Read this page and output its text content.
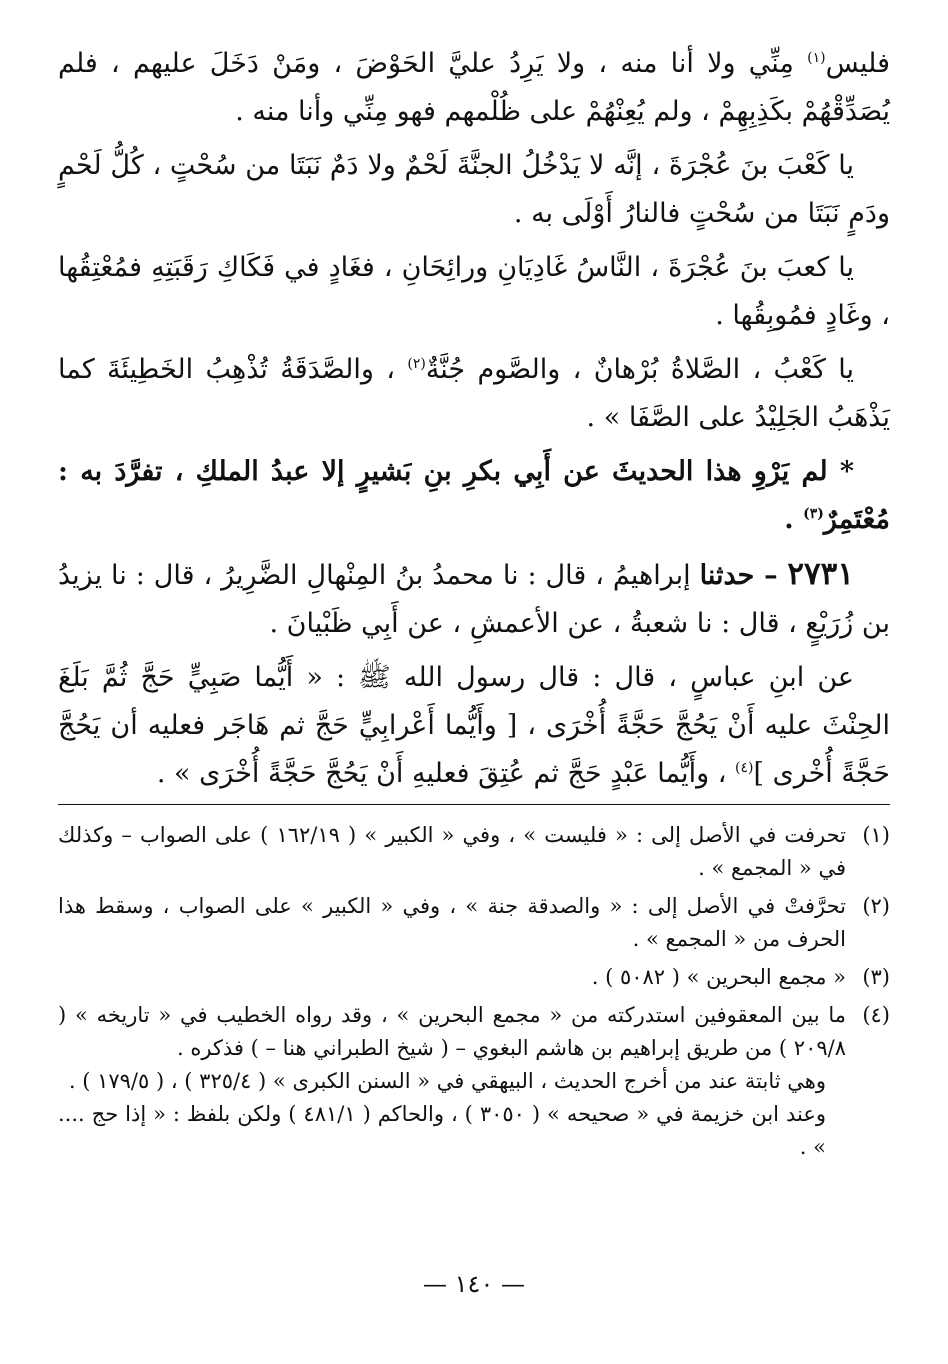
فليس$^{(١)}$ مِنِّي ولا أنا منه ، ولا يَرِدُ عليَّ الحَوْضَ ، ومَنْ دَخَلَ عليهم ، فلم يُصَدِّقْهُمْ بكَذِبِهِمْ ، ولم يُعِنْهُمْ على ظُلْمهم فهو مِنِّي وأنا منه .

يا كَعْبَ بنَ عُجْرَةَ ، إنَّه لا يَدْخُلُ الجنَّةَ لَحْمٌ ولا دَمٌ نَبَتَا من سُحْتٍ ، كُلُّ لَحْمٍ ودَمٍ نَبَتَا من سُحْتٍ فالنارُ أَوْلَى به .

يا كعبَ بنَ عُجْرَةَ ، النَّاسُ غَادِيَانِ ورائِحَانِ ، فغَادٍ في فَكَاكِ رَقَبَتِهِ فمُعْتِقُها ، وغَادٍ فمُوبِقُها .

يا كَعْبُ ، الصَّلاةُ بُرْهانٌ ، والصَّوم جُنَّةٌ$^{(٢)}$ ، والصَّدَقَةُ تُذْهِبُ الخَطِيئَةَ كما يَذْهَبُ الجَلِيْدُ على الصَّفَا » .

* لم يَرْوِ هذا الحديثَ عن أَبِي بكرِ بنِ بَشيرٍ إلا عبدُ الملكِ ، تفرَّدَ به : مُعْتَمِرٌ$^{(٣)}$ .

٢٧٣١ – حدثنا إبراهيمُ ، قال : نا محمدُ بنُ المِنْهالِ الضَّرِيرُ ، قال : نا يزيدُ بن زُرَيْعٍ ، قال : نا شعبةُ ، عن الأعمشِ ، عن أَبِي ظَبْيانَ .

عن ابنِ عباسٍ ، قال : قال رسول الله ﷺ : « أَيُّما صَبِيٍّ حَجَّ ثُمَّ بَلَغَ الحِنْثَ عليه أَنْ يَحُجَّ حَجَّةً أُخْرَى ، [ وأَيُّما أَعْرابِيٍّ حَجَّ ثم هَاجَر فعليه أن يَحُجَّ حَجَّةً أُخْرى ]$^{(٤)}$ ، وأَيُّما عَبْدٍ حَجَّ ثم عُتِقَ فعليهِ أَنْ يَحُجَّ حَجَّةً أُخْرَى » .

(١)
تحرفت في الأصل إلى : « فليست » ، وفي « الكبير » ( ١٦٢/١٩ ) على الصواب – وكذلك في « المجمع » .
(٢)
تحرَّفتْ في الأصل إلى : « والصدقة جنة » ، وفي « الكبير » على الصواب ، وسقط هذا الحرف من « المجمع » .
(٣)
« مجمع البحرين » ( ٥٠٨٢ ) .
(٤)
ما بين المعقوفين استدركته من « مجمع البحرين » ، وقد رواه الخطيب في « تاريخه » ( ٢٠٩/٨ ) من طريق إبراهيم بن هاشم البغوي – ( شيخ الطبراني هنا – ) فذكره .
وهي ثابتة عند من أخرج الحديث ، البيهقي في « السنن الكبرى » ( ٣٢٥/٤ ) ، ( ١٧٩/٥ ) .
وعند ابن خزيمة في « صحيحه » ( ٣٠٥٠ ) ، والحاكم ( ٤٨١/١ ) ولكن بلفظ : « إذا حج .... » .
— ١٤٠ —
